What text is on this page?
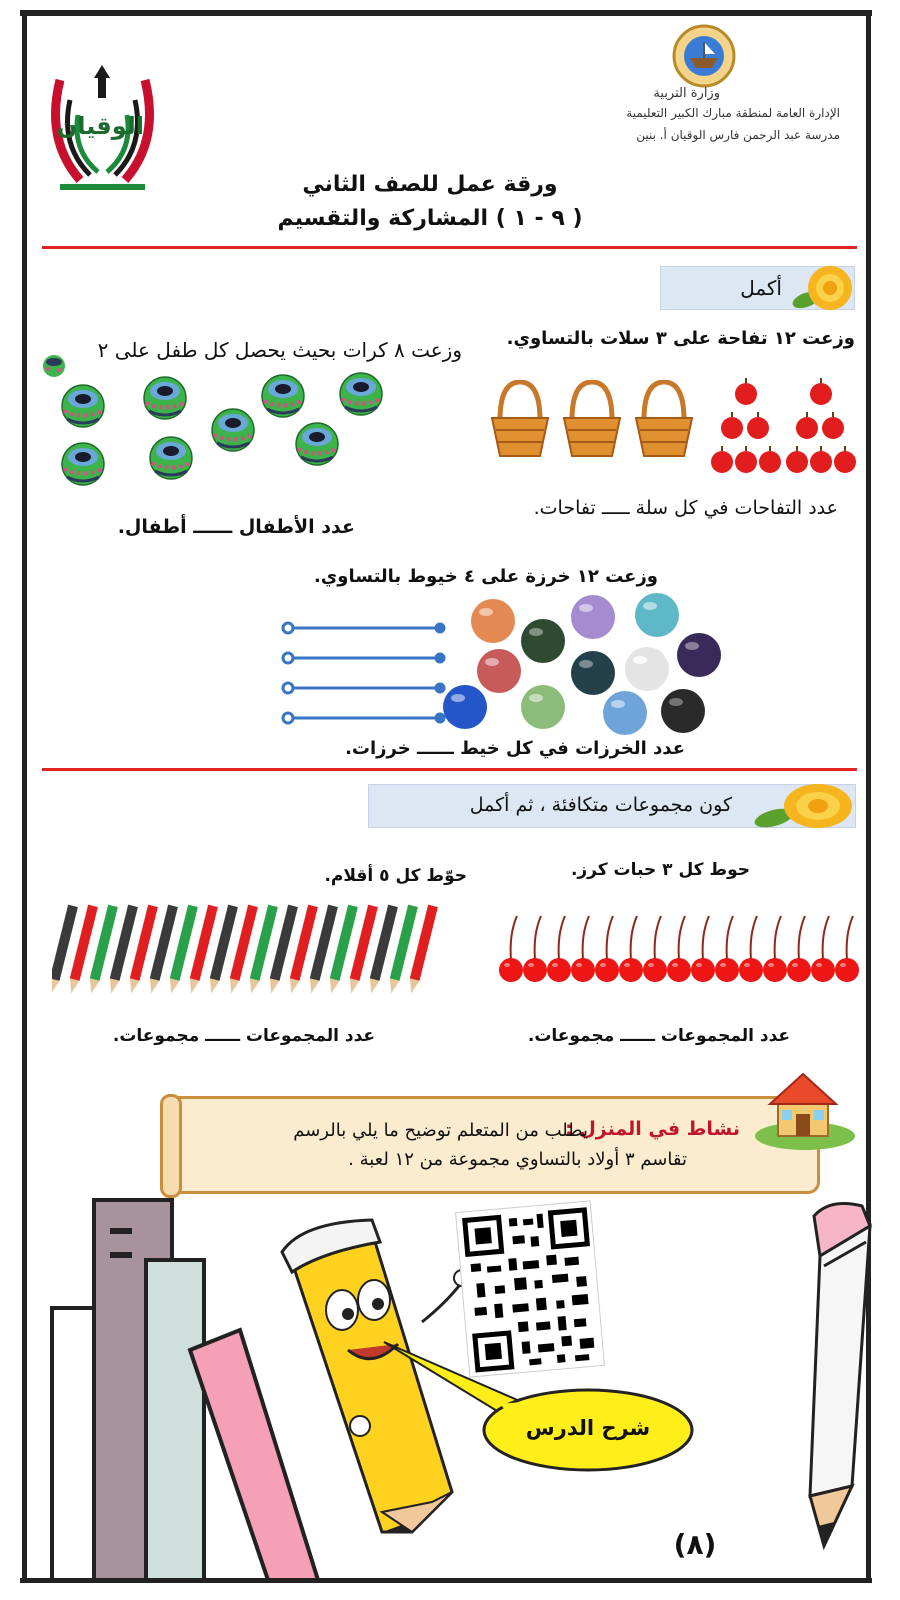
الوقيان
وزارة التربية
الإدارة العامة لمنطقة مبارك الكبير التعليمية
مدرسة عبد الرحمن فارس الوقيان أ. بنين
ورقة عمل للصف الثاني
( ٩ - ١ ) المشاركة والتقسيم
أكمل
وزعت ١٢ تفاحة على ٣ سلات بالتساوي.
عدد التفاحات في كل سلة ـــــ تفاحات.
وزعت ٨ كرات بحيث يحصل كل طفل على ٢
عدد الأطفال ــــــ أطفال.
وزعت ١٢ خرزة على ٤ خيوط بالتساوي.
عدد الخرزات في كل خيط ــــــ خرزات.
كون مجموعات متكافئة ، ثم أكمل
حوط كل ٣ حبات كرز.
عدد المجموعات ــــــ مجموعات.
حوّط كل ٥ أقلام.
عدد المجموعات ــــــ مجموعات.
نشاط في المنزل :
يطلب من المتعلم توضيح ما يلي بالرسم
تقاسم ٣ أولاد بالتساوي مجموعة من ١٢ لعبة .
شرح الدرس
(٨)
